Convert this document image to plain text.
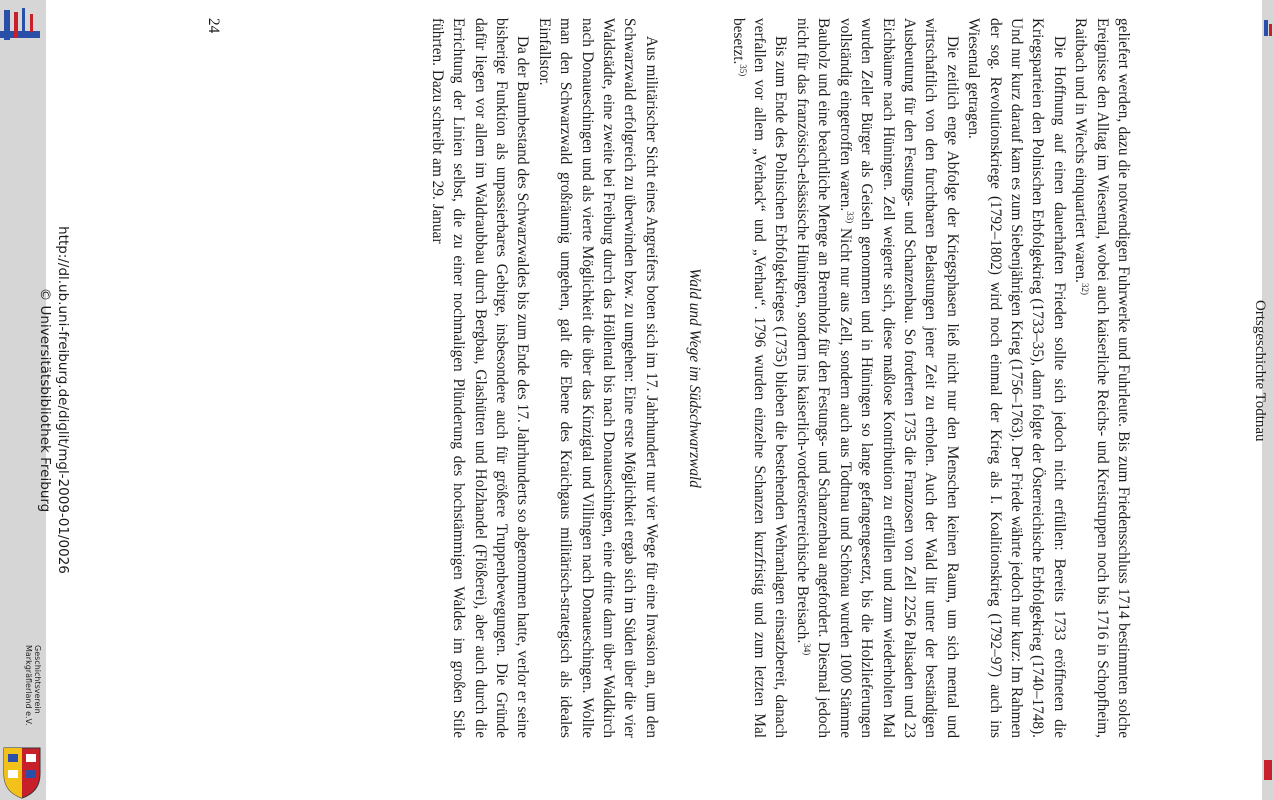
Geschichtsverein
Markgräflerland e.V.
Ortsgeschichte Todtnau

geliefert werden, dazu die notwendigen Fuhrwerke und Fuhrleute. Bis zum Friedensschluss 1714 bestimmten solche Ereignisse den Alltag im Wiesental, wobei auch kaiserliche Reichs- und Kreistruppen noch bis 1716 in Schopfheim, Raitbach und in Wiechs einquartiert waren.$^{32)}$

Die Hoffnung auf einen dauerhaften Frieden sollte sich jedoch nicht erfüllen: Bereits 1733 eröffneten die Kriegsparteien den Polnischen Erbfolgekrieg (1733–35), dann folgte der Österreichische Erbfolgekrieg (1740–1748). Und nur kurz darauf kam es zum Siebenjährigen Krieg (1756–1763). Der Friede währte jedoch nur kurz: Im Rahmen der sog. Revolutionskriege (1792–1802) wird noch einmal der Krieg als I. Koalitionskrieg (1792–97) auch ins Wiesental getragen.

Die zeitlich enge Abfolge der Kriegsphasen ließ nicht nur den Menschen keinen Raum, um sich mental und wirtschaftlich von den furchtbaren Belastungen jener Zeit zu erholen. Auch der Wald litt unter der beständigen Ausbeutung für den Festungs- und Schanzenbau. So forderten 1735 die Franzosen von Zell 2256 Palisaden und 23 Eichbäume nach Hüningen. Zell weigerte sich, diese maßlose Kontribution zu erfüllen und zum wiederholten Mal wurden Zeller Bürger als Geiseln genommen und in Hüningen so lange gefangengesetzt, bis die Holzlieferungen vollständig eingetroffen waren.$^{33)}$ Nicht nur aus Zell, sondern auch aus Todtnau und Schönau wurden 1000 Stämme Bauholz und eine beachtliche Menge an Brennholz für den Festungs- und Schanzenbau angefordert. Diesmal jedoch nicht für das französisch-elsässische Hüningen, sondern ins kaiserlich-vorderösterreichische Breisach.$^{34)}$

Bis zum Ende des Polnischen Erbfolgekrieges (1735) blieben die bestehenden Wehranlagen einsatzbereit, danach verfallen vor allem „Verhack“ und „Verhau“. 1796 wurden einzelne Schanzen kurzfristig und zum letzten Mal besetzt.$^{35)}$

Wald und Wege im Südschwarzwald

Aus militärischer Sicht eines Angreifers boten sich im 17. Jahrhundert nur vier Wege für eine Invasion an, um den Schwarzwald erfolgreich zu überwinden bzw. zu umgehen: Eine erste Möglichkeit ergab sich im Süden über die vier Waldstädte, eine zweite bei Freiburg durch das Höllental bis nach Donaueschingen, eine dritte dann über Waldkirch nach Donaueschingen und als vierte Möglichkeit die über das Kinzigtal und Villingen nach Donaueschingen. Wollte man den Schwarzwald großräumig umgehen, galt die Ebene des Kraichgaus militärisch-strategisch als ideales Einfallstor.

Da der Baumbestand des Schwarzwaldes bis zum Ende des 17. Jahrhunderts so abgenommen hatte, verlor er seine bisherige Funktion als unpassierbares Gebirge, insbesondere auch für größere Truppenbewegungen. Die Gründe dafür liegen vor allem im Waldraubbau durch Bergbau, Glashütten und Holzhandel (Flößerei), aber auch durch die Errichtung der Linien selbst, die zu einer nochmaligen Plünderung des hochstämmigen Waldes im großen Stile führten. Dazu schreibt am 29. Januar

24
http://dl.ub.uni-freiburg.de/diglit/mgl-2009-01/0026
© Universitätsbibliothek Freiburg
